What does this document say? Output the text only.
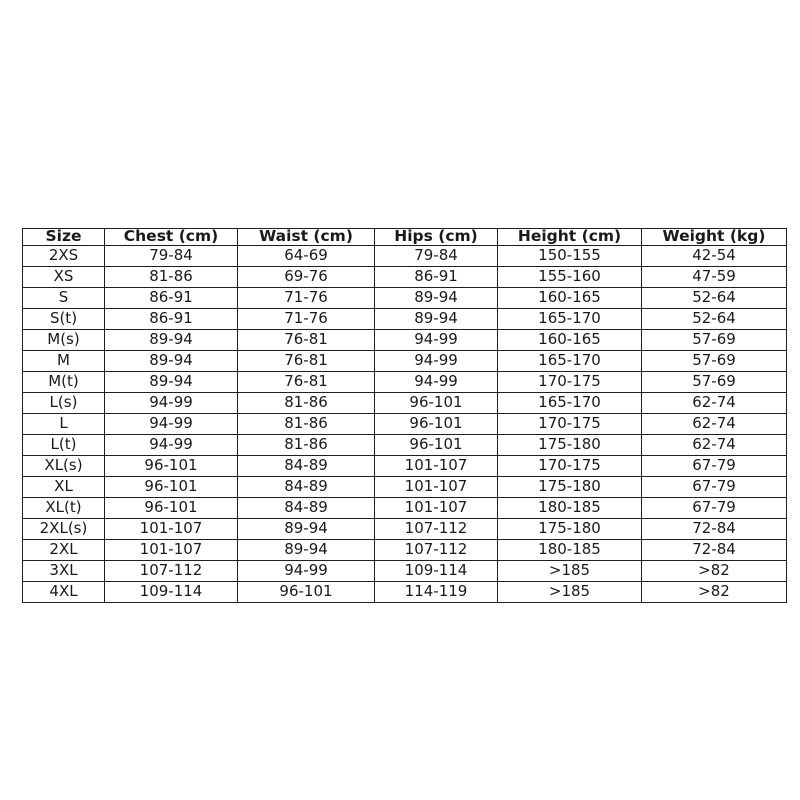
Size	Chest (cm)	Waist (cm)	Hips (cm)	Height (cm)	Weight (kg)
2XS	79-84	64-69	79-84	150-155	42-54
XS	81-86	69-76	86-91	155-160	47-59
S	86-91	71-76	89-94	160-165	52-64
S(t)	86-91	71-76	89-94	165-170	52-64
M(s)	89-94	76-81	94-99	160-165	57-69
M	89-94	76-81	94-99	165-170	57-69
M(t)	89-94	76-81	94-99	170-175	57-69
L(s)	94-99	81-86	96-101	165-170	62-74
L	94-99	81-86	96-101	170-175	62-74
L(t)	94-99	81-86	96-101	175-180	62-74
XL(s)	96-101	84-89	101-107	170-175	67-79
XL	96-101	84-89	101-107	175-180	67-79
XL(t)	96-101	84-89	101-107	180-185	67-79
2XL(s)	101-107	89-94	107-112	175-180	72-84
2XL	101-107	89-94	107-112	180-185	72-84
3XL	107-112	94-99	109-114	>185	>82
4XL	109-114	96-101	114-119	>185	>82
